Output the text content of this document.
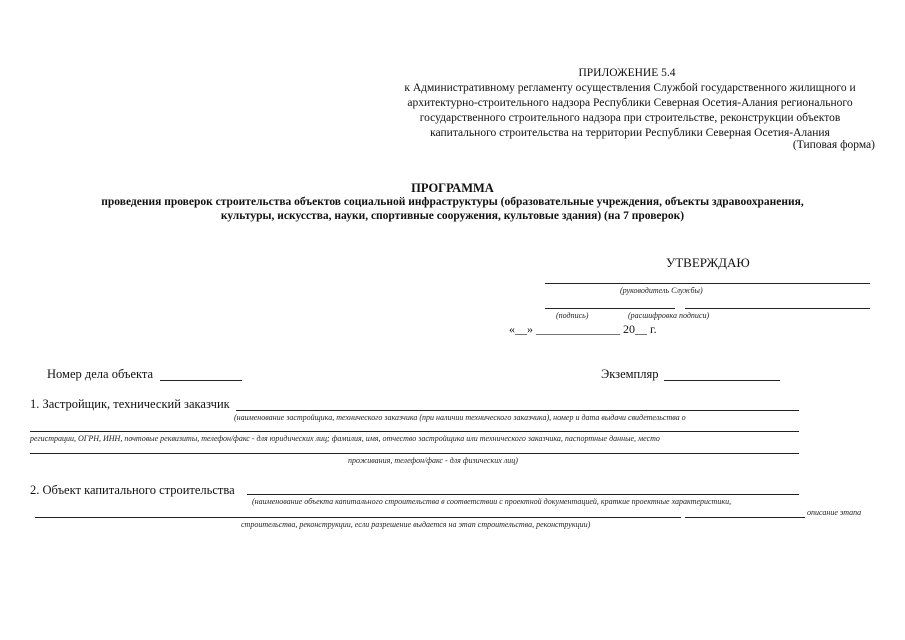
ПРИЛОЖЕНИЕ 5.4
к Административному регламенту осуществления Службой государственного жилищного и
архитектурно-строительного надзора Республики Северная Осетия-Алания регионального
государственного строительного надзора при строительстве, реконструкции объектов
капитального строительства на территории Республики Северная Осетия-Алания
(Типовая форма)
ПРОГРАММА
проведения проверок строительства объектов социальной инфраструктуры (образовательные учреждения, объекты здравоохранения,
культуры, искусства, науки, спортивные сооружения, культовые здания) (на 7 проверок)
УТВЕРЖДАЮ
(руководитель Службы)
(подпись)	(расшифровка подписи)
«__» ______________ 20__ г.
Номер дела объекта	Экземпляр
1. Застройщик, технический заказчик
(наименование застройщика, технического заказчика (при наличии технического заказчика), номер и дата выдачи свидетельства о
регистрации, ОГРН, ИНН, почтовые реквизиты, телефон/факс - для юридических лиц; фамилия, имя, отчество застройщика или технического заказчика, паспортные данные, место
проживания, телефон/факс - для физических лиц)
2. Объект капитального строительства
(наименование объекта капитального строительства в соответствии с проектной документацией, краткие проектные характеристики,
описание этапа
строительства, реконструкции, если разрешение выдается на этап строительства, реконструкции)
